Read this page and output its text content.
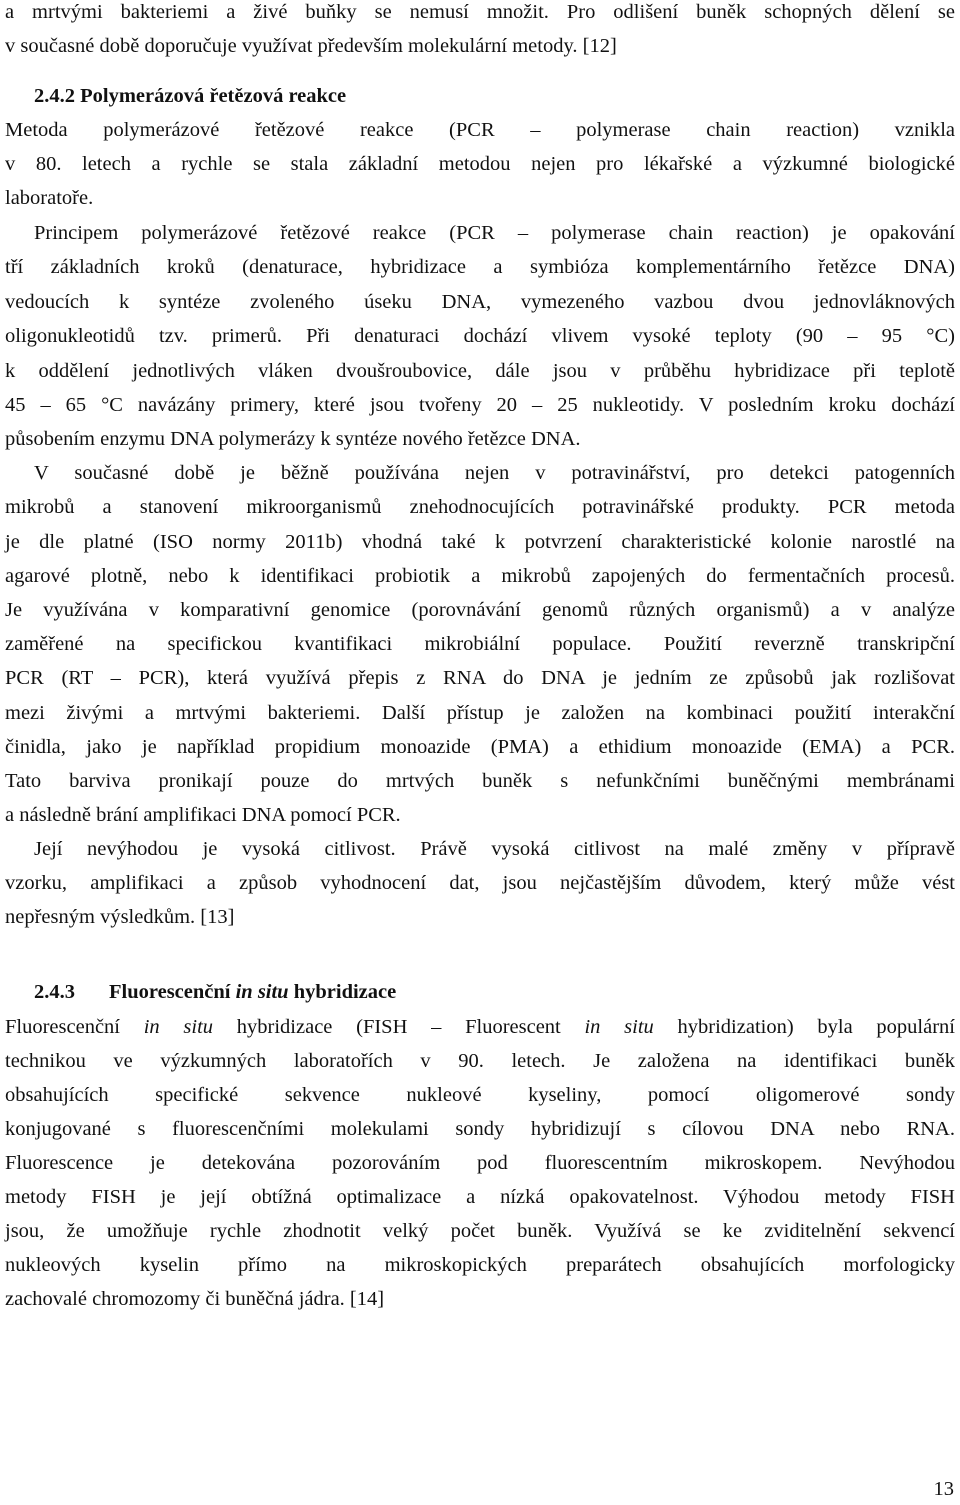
a mrtvými bakteriemi a živé buňky se nemusí množit. Pro odlišení buněk schopných dělení se
v současné době doporučuje využívat především molekulární metody. [12]
2.4.2 Polymerázová řetězová reakce
Metoda polymerázové řetězové reakce (PCR – polymerase chain reaction) vznikla
v 80. letech a rychle se stala základní metodou nejen pro lékařské a výzkumné biologické
laboratoře.
Principem polymerázové řetězové reakce (PCR – polymerase chain reaction) je opakování
tří základních kroků (denaturace, hybridizace a symbióza komplementárního řetězce DNA)
vedoucích k syntéze zvoleného úseku DNA, vymezeného vazbou dvou jednovláknových
oligonukleotidů tzv. primerů. Při denaturaci dochází vlivem vysoké teploty (90 – 95 °C)
k oddělení jednotlivých vláken dvoušroubovice, dále jsou v průběhu hybridizace při teplotě
45 – 65 °C navázány primery, které jsou tvořeny 20 – 25 nukleotidy. V posledním kroku dochází
působením enzymu DNA polymerázy k syntéze nového řetězce DNA.
V současné době je běžně používána nejen v potravinářství, pro detekci patogenních
mikrobů a stanovení mikroorganismů znehodnocujících potravinářské produkty. PCR metoda
je dle platné (ISO normy 2011b) vhodná také k potvrzení charakteristické kolonie narostlé na
agarové plotně, nebo k identifikaci probiotik a mikrobů zapojených do fermentačních procesů.
Je využívána v komparativní genomice (porovnávání genomů různých organismů) a v analýze
zaměřené na specifickou kvantifikaci mikrobiální populace. Použití reverzně transkripční
PCR (RT – PCR), která využívá přepis z RNA do DNA je jedním ze způsobů jak rozlišovat
mezi živými a mrtvými bakteriemi. Další přístup je založen na kombinaci použití interakční
činidla, jako je například propidium monoazide (PMA) a ethidium monoazide (EMA) a PCR.
Tato barviva pronikají pouze do mrtvých buněk s nefunkčními buněčnými membránami
a následně brání amplifikaci DNA pomocí PCR.
Její nevýhodou je vysoká citlivost. Právě vysoká citlivost na malé změny v přípravě
vzorku, amplifikaci a způsob vyhodnocení dat, jsou nejčastějším důvodem, který může vést
nepřesným výsledkům. [13]
2.4.3 Fluorescenční in situ hybridizace
Fluorescenční in situ hybridizace (FISH – Fluorescent in situ hybridization) byla populární
technikou ve výzkumných laboratořích v 90. letech. Je založena na identifikaci buněk
obsahujících specifické sekvence nukleové kyseliny, pomocí oligomerové sondy
konjugované s fluorescenčními molekulami sondy hybridizují s cílovou DNA nebo RNA.
Fluorescence je detekována pozorováním pod fluorescentním mikroskopem. Nevýhodou
metody FISH je její obtížná optimalizace a nízká opakovatelnost. Výhodou metody FISH
jsou, že umožňuje rychle zhodnotit velký počet buněk. Využívá se ke zviditelnění sekvencí
nukleových kyselin přímo na mikroskopických preparátech obsahujících morfologicky
zachovalé chromozomy či buněčná jádra. [14]
13
